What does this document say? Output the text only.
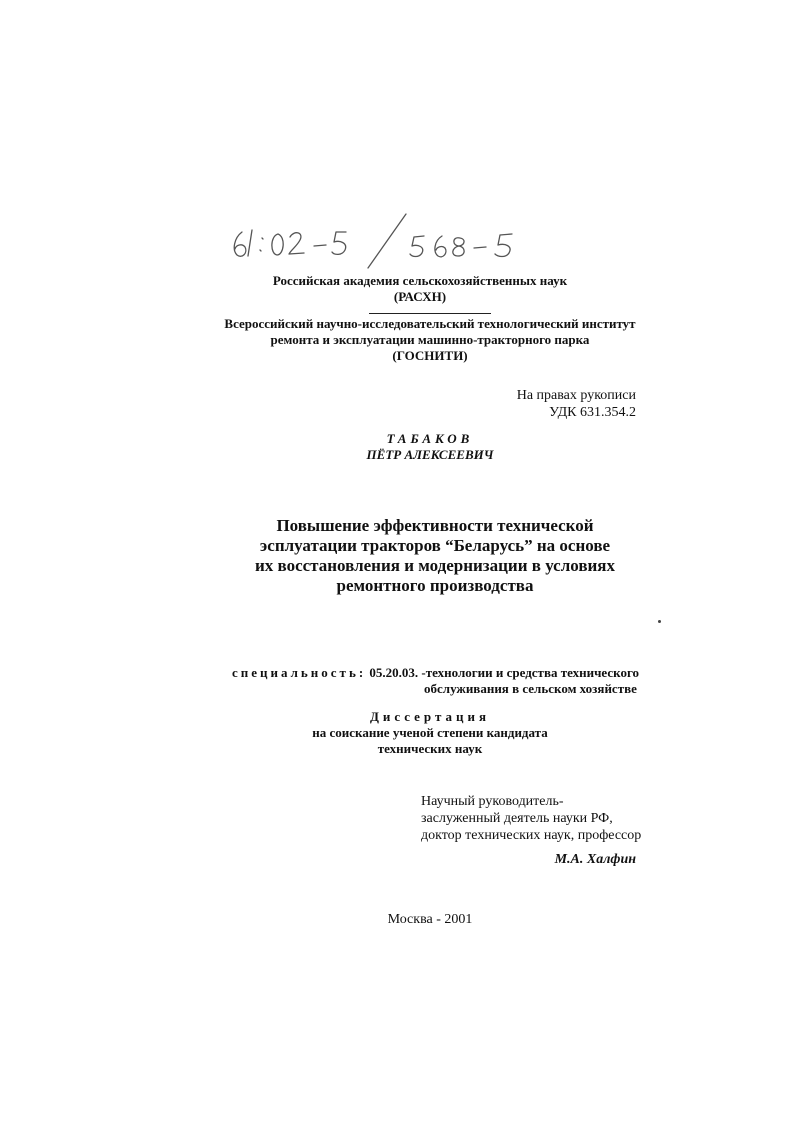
Российская академия сельскохозяйственных наук
(РАСХН)
Всероссийский научно-исследовательский технологический институт
ремонта и эксплуатации машинно-тракторного парка
(ГОСНИТИ)
На правах рукописи
УДК 631.354.2
ТАБАКОВ
ПЁТР АЛЕКСЕЕВИЧ
Повышение эффективности технической
эсплуатации тракторов “Беларусь” на основе
их восстановления и модернизации в условиях
ремонтного производства
специальность: 05.20.03. -технологии и средства технического
обслуживания в сельском хозяйстве
Диссертация
на соискание ученой степени кандидата
технических наук
Научный руководитель-
заслуженный деятель науки РФ,
доктор технических наук, профессор
М.А. Халфин
Москва - 2001
